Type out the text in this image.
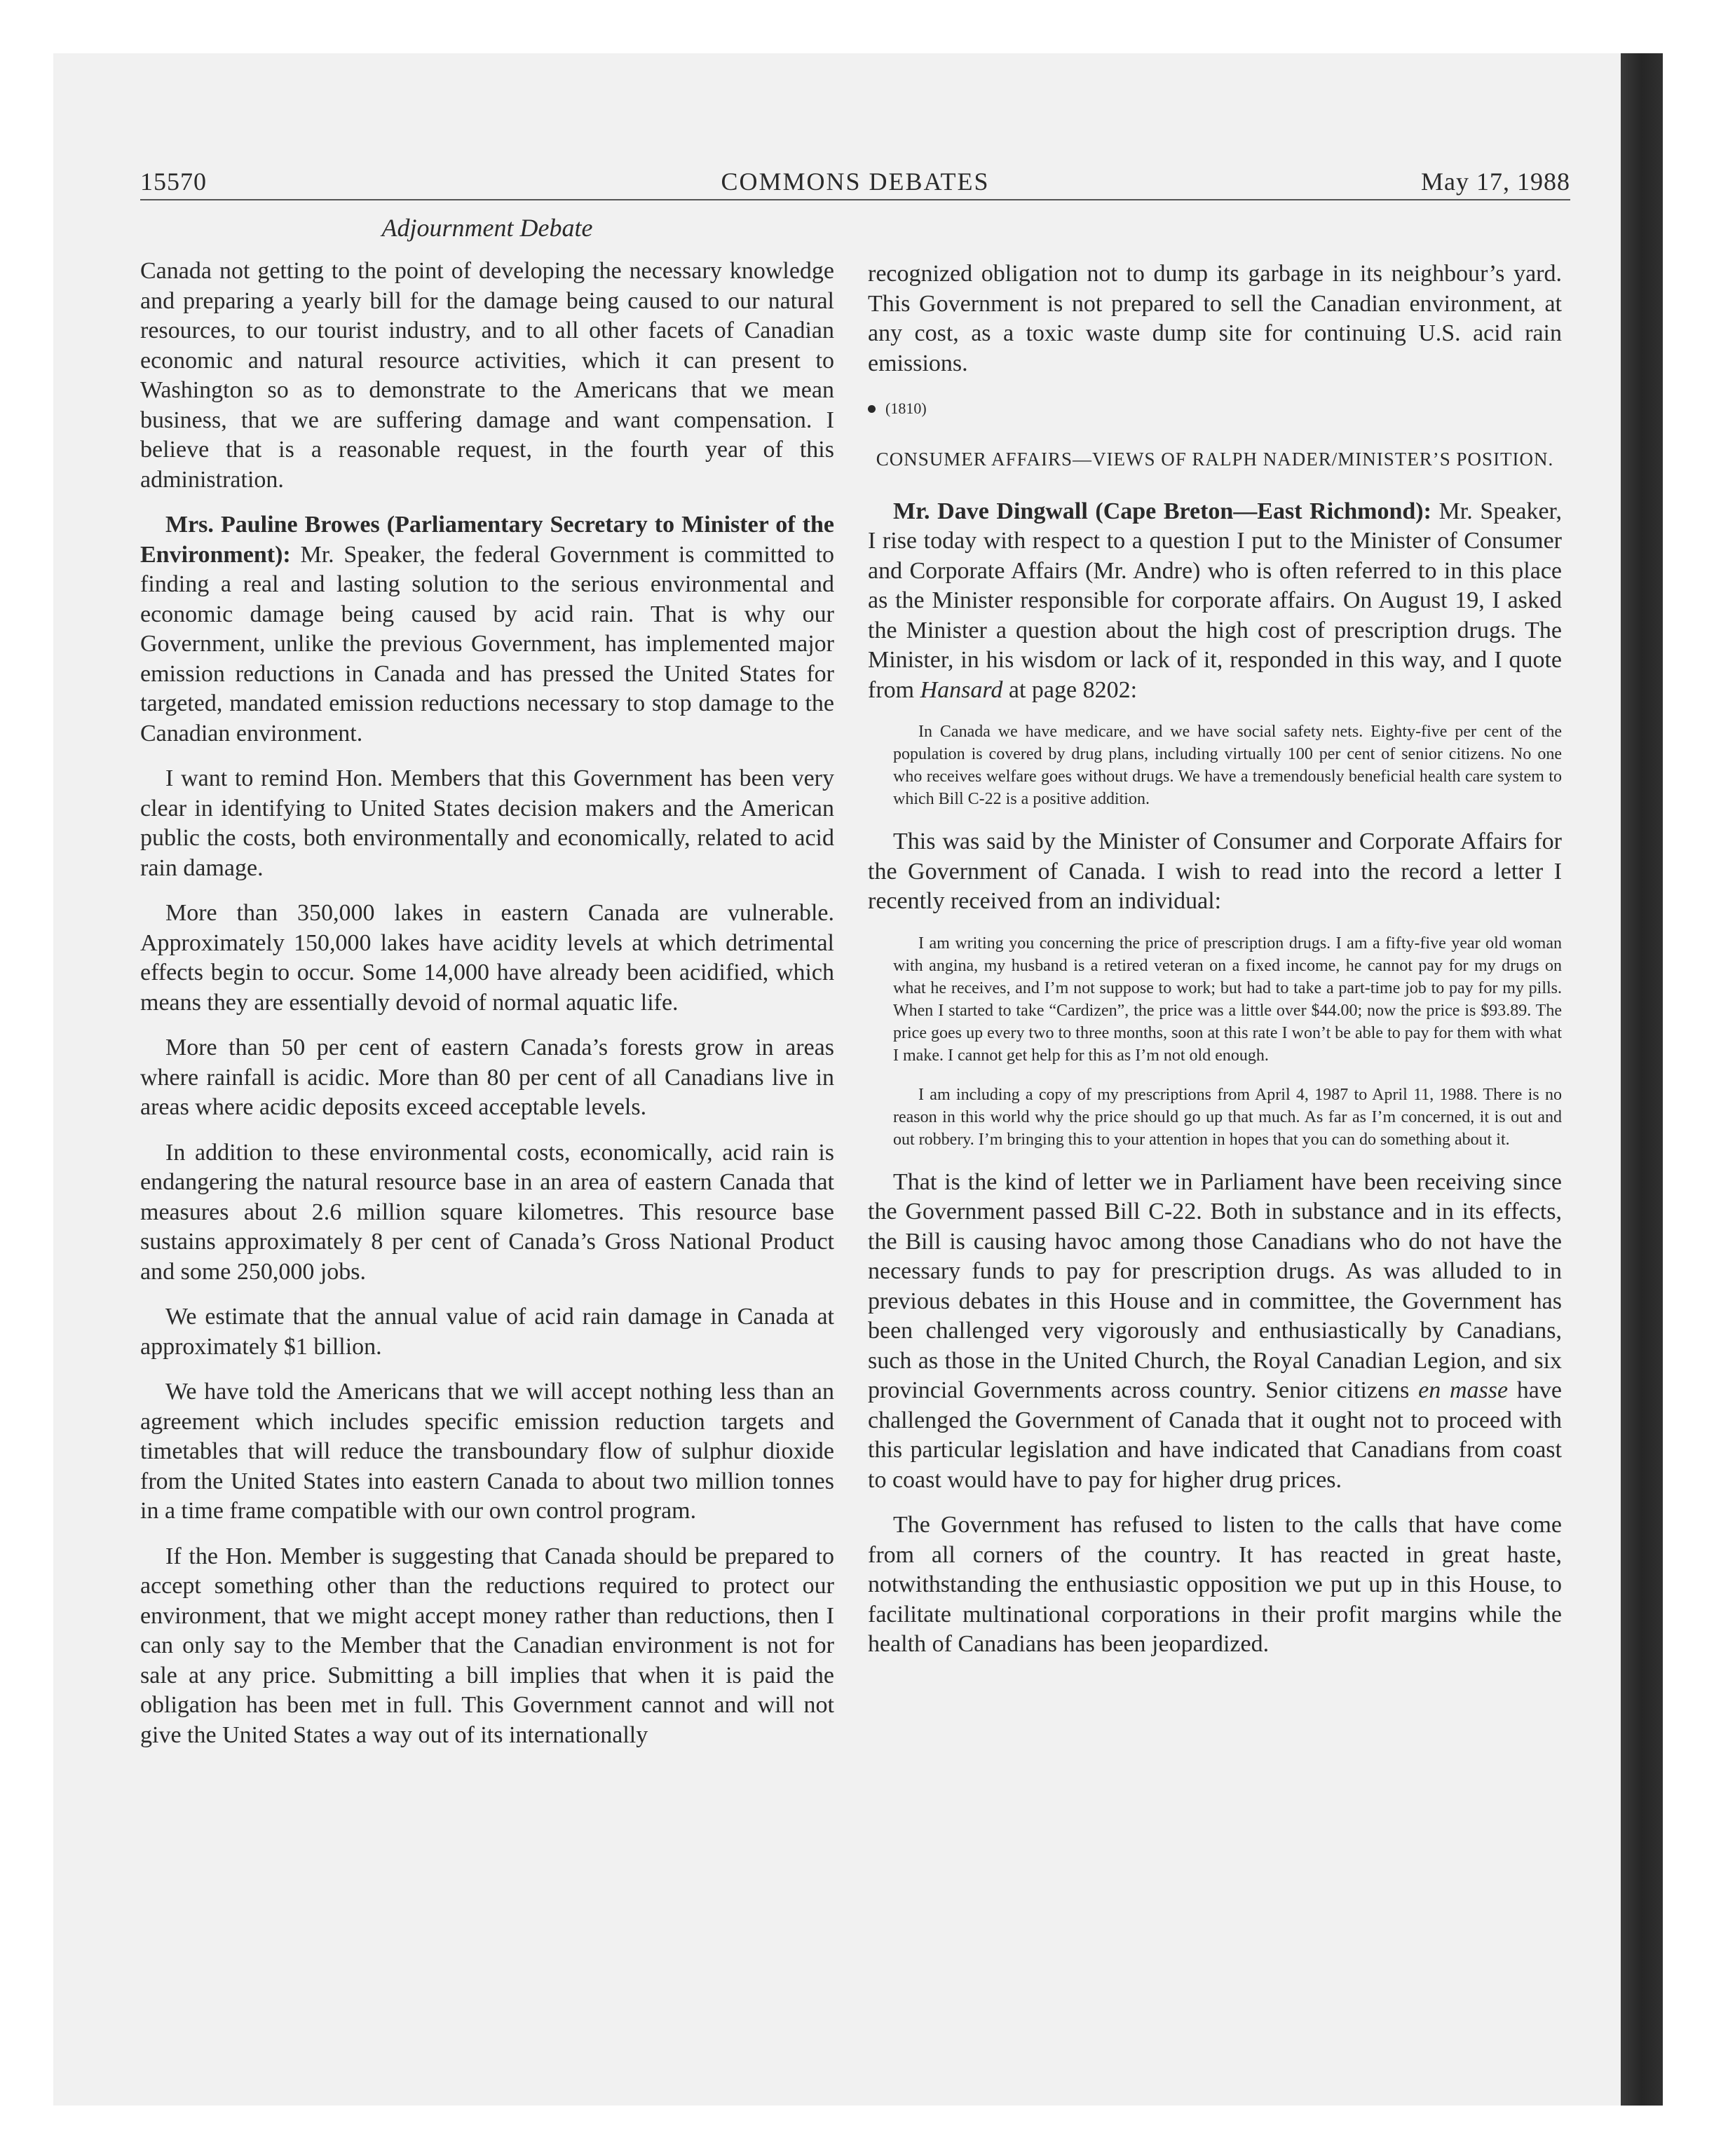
15570	COMMONS DEBATES	May 17, 1988
Adjournment Debate

Canada not getting to the point of developing the necessary knowledge and preparing a yearly bill for the damage being caused to our natural resources, to our tourist industry, and to all other facets of Canadian economic and natural resource activities, which it can present to Washington so as to demonstrate to the Americans that we mean business, that we are suffering damage and want compensation. I believe that is a reasonable request, in the fourth year of this administration.

Mrs. Pauline Browes (Parliamentary Secretary to Minister of the Environment): Mr. Speaker, the federal Government is committed to finding a real and lasting solution to the serious environmental and economic damage being caused by acid rain. That is why our Government, unlike the previous Government, has implemented major emission reductions in Canada and has pressed the United States for targeted, mandated emission reductions necessary to stop damage to the Canadian environment.

I want to remind Hon. Members that this Government has been very clear in identifying to United States decision makers and the American public the costs, both environmentally and economically, related to acid rain damage.

More than 350,000 lakes in eastern Canada are vulnerable. Approximately 150,000 lakes have acidity levels at which detrimental effects begin to occur. Some 14,000 have already been acidified, which means they are essentially devoid of normal aquatic life.

More than 50 per cent of eastern Canada’s forests grow in areas where rainfall is acidic. More than 80 per cent of all Canadians live in areas where acidic deposits exceed acceptable levels.

In addition to these environmental costs, economically, acid rain is endangering the natural resource base in an area of eastern Canada that measures about 2.6 million square kilometres. This resource base sustains approximately 8 per cent of Canada’s Gross National Product and some 250,000 jobs.

We estimate that the annual value of acid rain damage in Canada at approximately $1 billion.

We have told the Americans that we will accept nothing less than an agreement which includes specific emission reduction targets and timetables that will reduce the transboundary flow of sulphur dioxide from the United States into eastern Canada to about two million tonnes in a time frame compatible with our own control program.

If the Hon. Member is suggesting that Canada should be prepared to accept something other than the reductions required to protect our environment, that we might accept money rather than reductions, then I can only say to the Member that the Canadian environment is not for sale at any price. Submitting a bill implies that when it is paid the obligation has been met in full. This Government cannot and will not give the United States a way out of its internationally

recognized obligation not to dump its garbage in its neighbour’s yard. This Government is not prepared to sell the Canadian environment, at any cost, as a toxic waste dump site for continuing U.S. acid rain emissions.

(1810)
CONSUMER AFFAIRS—VIEWS OF RALPH NADER/MINISTER’S POSITION.

Mr. Dave Dingwall (Cape Breton—East Richmond): Mr. Speaker, I rise today with respect to a question I put to the Minister of Consumer and Corporate Affairs (Mr. Andre) who is often referred to in this place as the Minister responsible for corporate affairs. On August 19, I asked the Minister a question about the high cost of prescription drugs. The Minister, in his wisdom or lack of it, responded in this way, and I quote from Hansard at page 8202:

In Canada we have medicare, and we have social safety nets. Eighty-five per cent of the population is covered by drug plans, including virtually 100 per cent of senior citizens. No one who receives welfare goes without drugs. We have a tremendously beneficial health care system to which Bill C-22 is a positive addition.

This was said by the Minister of Consumer and Corporate Affairs for the Government of Canada. I wish to read into the record a letter I recently received from an individual:

I am writing you concerning the price of prescription drugs. I am a fifty-five year old woman with angina, my husband is a retired veteran on a fixed income, he cannot pay for my drugs on what he receives, and I’m not suppose to work; but had to take a part-time job to pay for my pills. When I started to take “Cardizen”, the price was a little over $44.00; now the price is $93.89. The price goes up every two to three months, soon at this rate I won’t be able to pay for them with what I make. I cannot get help for this as I’m not old enough.
I am including a copy of my prescriptions from April 4, 1987 to April 11, 1988. There is no reason in this world why the price should go up that much. As far as I’m concerned, it is out and out robbery. I’m bringing this to your attention in hopes that you can do something about it.

That is the kind of letter we in Parliament have been receiving since the Government passed Bill C-22. Both in substance and in its effects, the Bill is causing havoc among those Canadians who do not have the necessary funds to pay for prescription drugs. As was alluded to in previous debates in this House and in committee, the Government has been challenged very vigorously and enthusiastically by Canadians, such as those in the United Church, the Royal Canadian Legion, and six provincial Governments across country. Senior citizens en masse have challenged the Government of Canada that it ought not to proceed with this particular legislation and have indicated that Canadians from coast to coast would have to pay for higher drug prices.

The Government has refused to listen to the calls that have come from all corners of the country. It has reacted in great haste, notwithstanding the enthusiastic opposition we put up in this House, to facilitate multinational corporations in their profit margins while the health of Canadians has been jeopardized.
